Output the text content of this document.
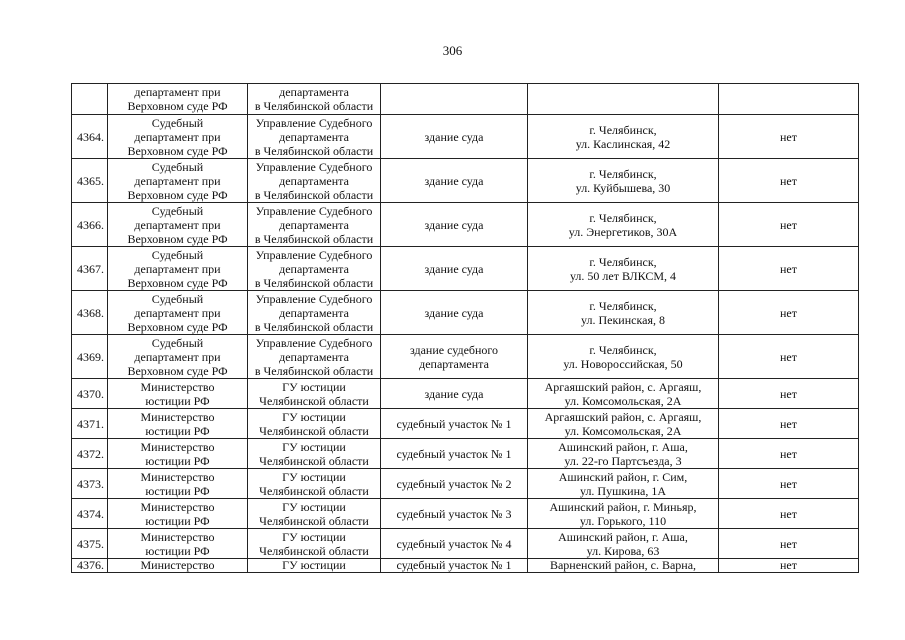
306
	департамент при
Верховном суде РФ	департамента
в Челябинской области			
4364.	Судебный
департамент при
Верховном суде РФ	Управление Судебного
департамента
в Челябинской области	здание суда	г. Челябинск,
ул. Каслинская, 42	нет
4365.	Судебный
департамент при
Верховном суде РФ	Управление Судебного
департамента
в Челябинской области	здание суда	г. Челябинск,
ул. Куйбышева, 30	нет
4366.	Судебный
департамент при
Верховном суде РФ	Управление Судебного
департамента
в Челябинской области	здание суда	г. Челябинск,
ул. Энергетиков, 30А	нет
4367.	Судебный
департамент при
Верховном суде РФ	Управление Судебного
департамента
в Челябинской области	здание суда	г. Челябинск,
ул. 50 лет ВЛКСМ, 4	нет
4368.	Судебный
департамент при
Верховном суде РФ	Управление Судебного
департамента
в Челябинской области	здание суда	г. Челябинск,
ул. Пекинская, 8	нет
4369.	Судебный
департамент при
Верховном суде РФ	Управление Судебного
департамента
в Челябинской области	здание судебного
департамента	г. Челябинск,
ул. Новороссийская, 50	нет
4370.	Министерство
юстиции РФ	ГУ юстиции
Челябинской области	здание суда	Аргаяшский район, с. Аргаяш,
ул. Комсомольская, 2А	нет
4371.	Министерство
юстиции РФ	ГУ юстиции
Челябинской области	судебный участок № 1	Аргаяшский район, с. Аргаяш,
ул. Комсомольская, 2А	нет
4372.	Министерство
юстиции РФ	ГУ юстиции
Челябинской области	судебный участок № 1	Ашинский район, г. Аша,
ул. 22-го Партсъезда, 3	нет
4373.	Министерство
юстиции РФ	ГУ юстиции
Челябинской области	судебный участок № 2	Ашинский район, г. Сим,
ул. Пушкина, 1А	нет
4374.	Министерство
юстиции РФ	ГУ юстиции
Челябинской области	судебный участок № 3	Ашинский район, г. Миньяр,
ул. Горького, 110	нет
4375.	Министерство
юстиции РФ	ГУ юстиции
Челябинской области	судебный участок № 4	Ашинский район, г. Аша,
ул. Кирова, 63	нет
4376.	Министерство	ГУ юстиции	судебный участок № 1	Варненский район, с. Варна,	нет
